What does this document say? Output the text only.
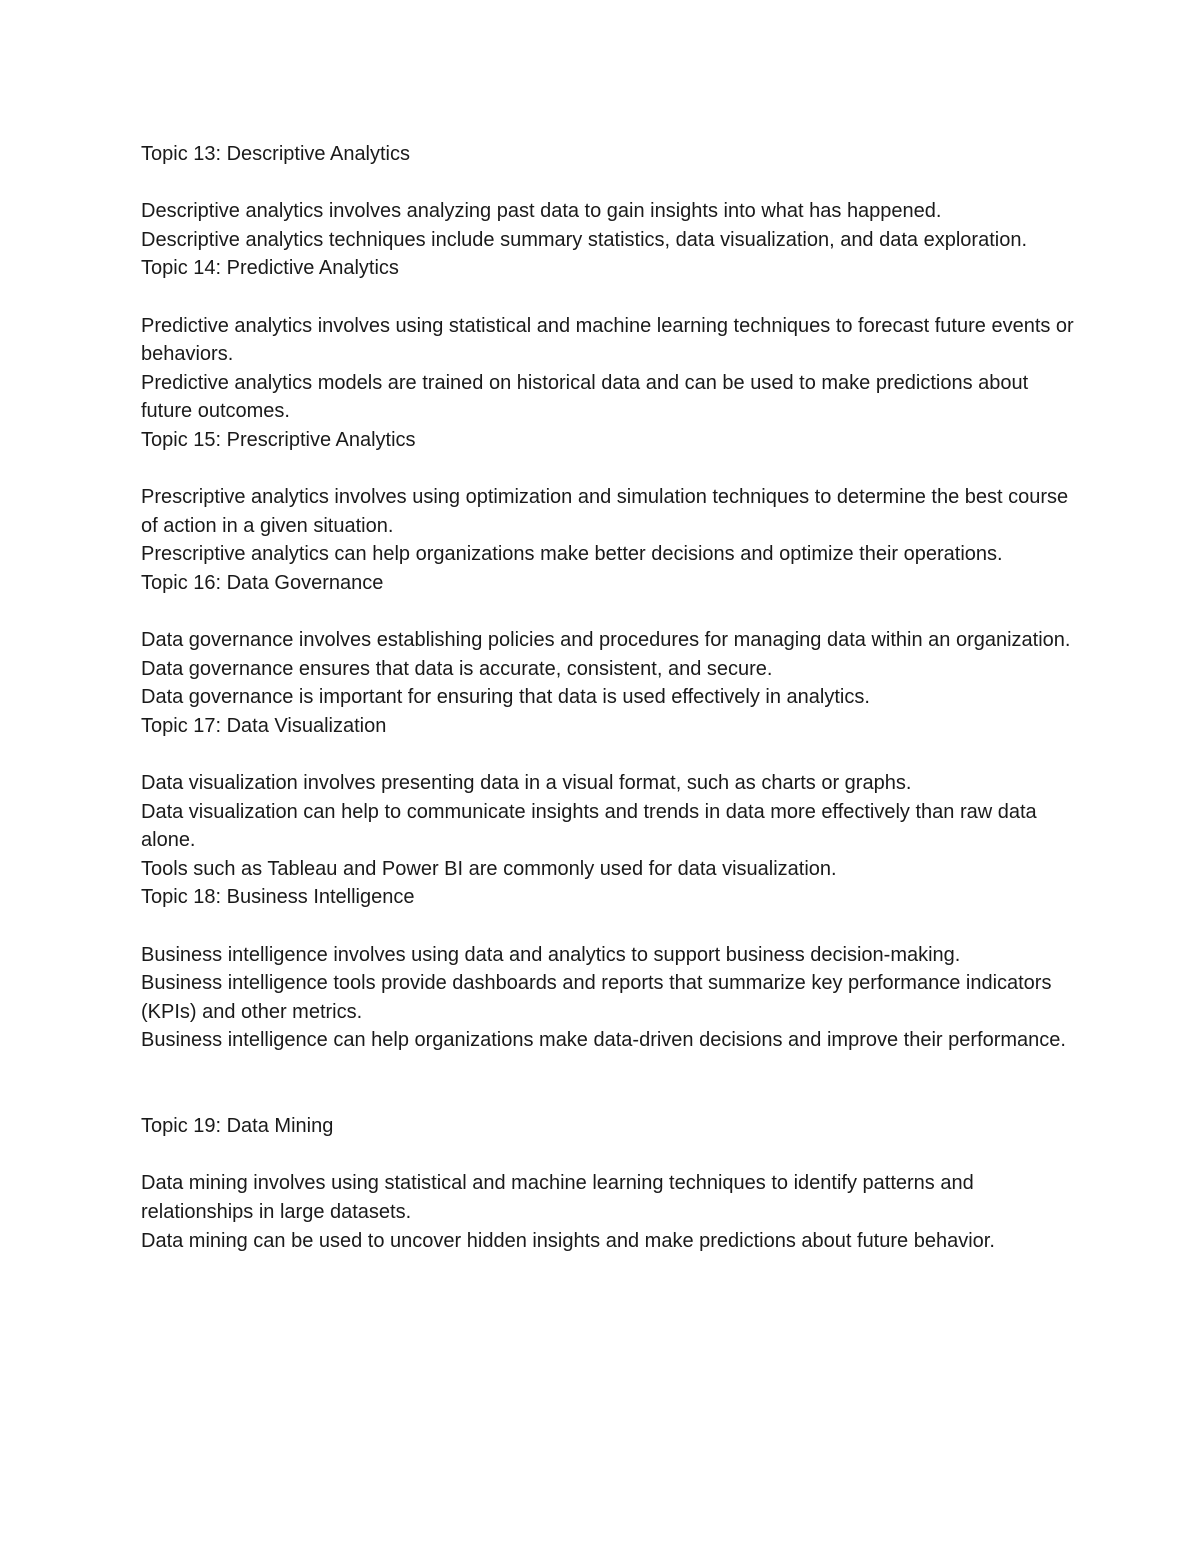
Topic 13: Descriptive Analytics

Descriptive analytics involves analyzing past data to gain insights into what has happened.

Descriptive analytics techniques include summary statistics, data visualization, and data exploration.

Topic 14: Predictive Analytics

Predictive analytics involves using statistical and machine learning techniques to forecast future events or behaviors.

Predictive analytics models are trained on historical data and can be used to make predictions about future outcomes.

Topic 15: Prescriptive Analytics

Prescriptive analytics involves using optimization and simulation techniques to determine the best course of action in a given situation.

Prescriptive analytics can help organizations make better decisions and optimize their operations.

Topic 16: Data Governance

Data governance involves establishing policies and procedures for managing data within an organization.

Data governance ensures that data is accurate, consistent, and secure.

Data governance is important for ensuring that data is used effectively in analytics.

Topic 17: Data Visualization

Data visualization involves presenting data in a visual format, such as charts or graphs.

Data visualization can help to communicate insights and trends in data more effectively than raw data alone.

Tools such as Tableau and Power BI are commonly used for data visualization.

Topic 18: Business Intelligence

Business intelligence involves using data and analytics to support business decision-making.

Business intelligence tools provide dashboards and reports that summarize key performance indicators (KPIs) and other metrics.

Business intelligence can help organizations make data-driven decisions and improve their performance.

Topic 19: Data Mining

Data mining involves using statistical and machine learning techniques to identify patterns and relationships in large datasets.

Data mining can be used to uncover hidden insights and make predictions about future behavior.
